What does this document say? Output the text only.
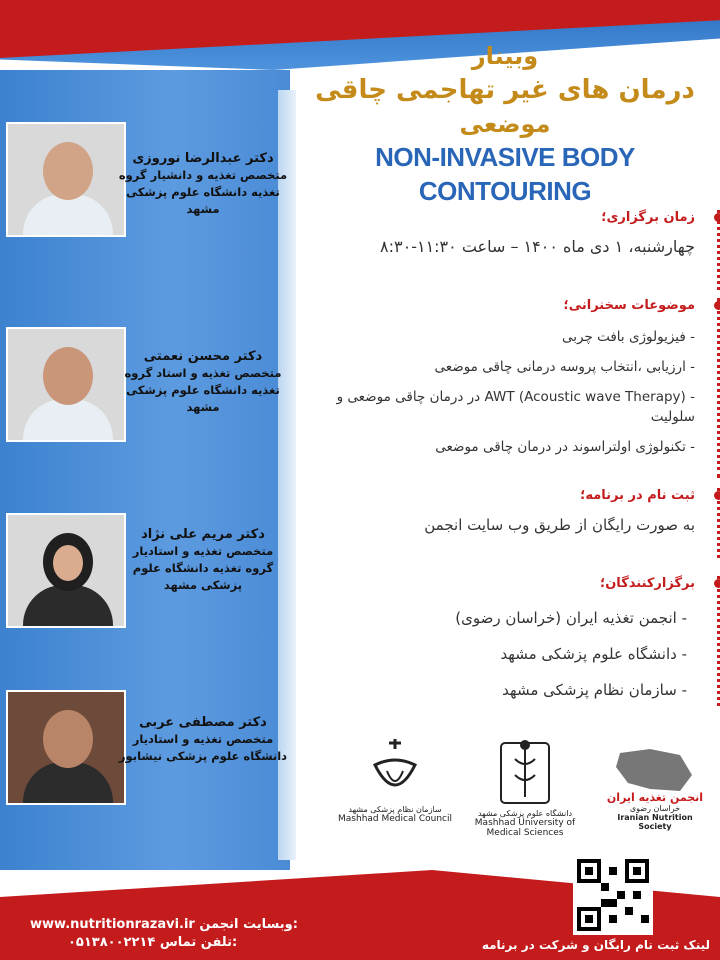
دکتر عبدالرضا نوروزی
متخصص تغذیه و دانشیار گروه تغذیه دانشگاه علوم پزشکی مشهد
دکتر محسن نعمتی
متخصص تغذیه و استاد گروه تغذیه دانشگاه علوم پزشکی مشهد
دکتر مریم علی نژاد
متخصص تغذیه و استادیار گروه تغذیه دانشگاه علوم پزشکی مشهد
دکتر مصطفی عربی
متخصص تغذیه و استادیار دانشگاه علوم پزشکی نیشابور
وبینار
درمان های غیر تهاجمی چاقی
موضعی
NON-INVASIVE BODY CONTOURING
زمان برگزاری؛
چهارشنبه، ۱ دی ماه ۱۴۰۰ – ساعت ۱۱:۳۰-۸:۳۰
موضوعات سخنرانی؛
- فیزیولوژی بافت چربی
- ارزیابی ،انتخاب پروسه درمانی چاقی موضعی
- AWT (Acoustic wave Therapy) در درمان چاقی موضعی و سلولیت
- تکنولوژی اولتراسوند در درمان چاقی موضعی
ثبت نام در برنامه؛
به صورت رایگان از طریق وب سایت انجمن
برگزارکنندگان؛
- انجمن تغذیه ایران (خراسان رضوی)
- دانشگاه علوم پزشکی مشهد
- سازمان نظام پزشکی مشهد
انجمن تغذیه ایران
خراسان رضوی
Iranian Nutrition Society
دانشگاه علوم پزشکی مشهد
Mashhad University of
Medical Sciences
سازمان نظام پزشکی مشهد
Mashhad Medical Council
www.nutritionrazavi.ir وبسایت انجمن:
۰۵۱۳۸۰۰۲۲۱۴ تلفن تماس:	لینک ثبت نام رایگان و شرکت در برنامه
